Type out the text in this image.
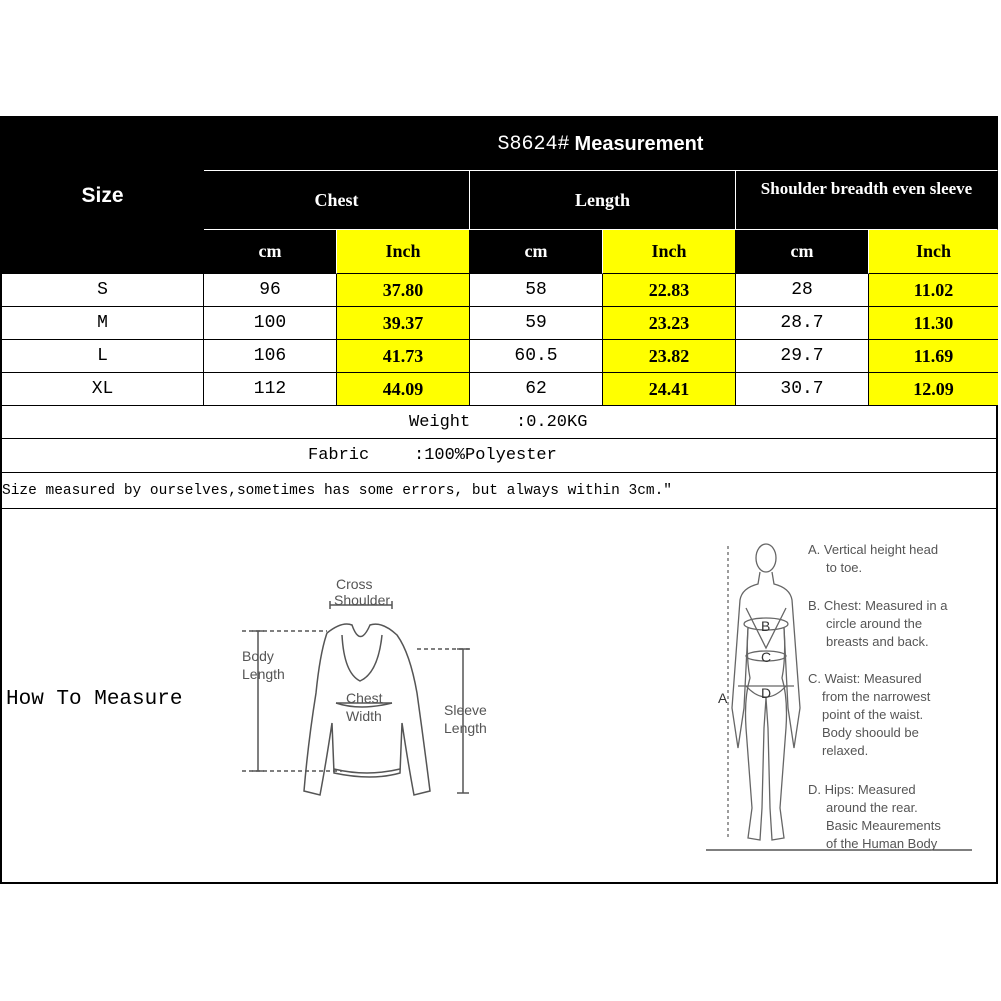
Size
S8624#
Measurement
Chest	Length
Shoulder breadth even sleeve
cm	Inch	cm	Inch	cm	Inch
S	96	37.80	58	22.83	28	11.02
M	100	39.37	59	23.23	28.7	11.30
L	106	41.73	60.5	23.82	29.7	11.69
XL	112	44.09	62	24.41	30.7	12.09
Weight	:0.20KG
Fabric	:100%Polyester
Size measured by ourselves,sometimes has some errors, but always within 3cm."
How To Measure
Cross
Shoulder
Body
Length
Chest
Width	Sleeve
Length
B
C
D
A
A. Vertical height head
to toe.
B. Chest: Measured in a
circle around the
breasts and back.
C. Waist: Measured
from the narrowest
point of the waist.
Body shoould be
relaxed.
D. Hips: Measured
around the rear.
Basic Meaurements
of the Human Body
